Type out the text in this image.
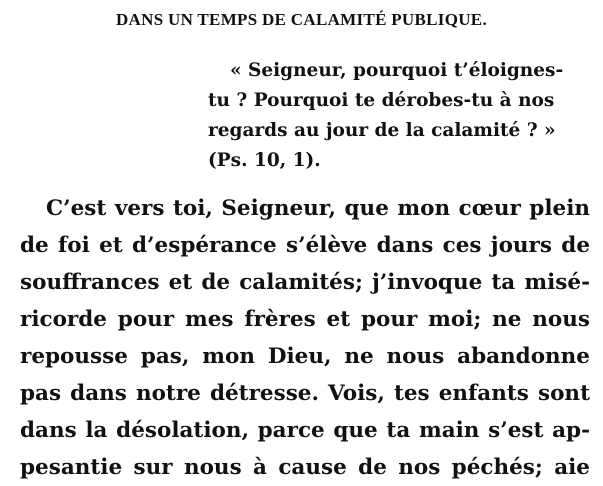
DANS UN TEMPS DE CALAMITÉ PUBLIQUE.
« Seigneur, pourquoi t’éloignes-
tu ? Pourquoi te dérobes-tu à nos
regards au jour de la calamité ? »
(Ps. 10, 1).
C’est vers toi, Seigneur, que mon cœur plein
de foi et d’espérance s’élève dans ces jours de
souffrances et de calamités; j’invoque ta misé-
ricorde pour mes frères et pour moi; ne nous
repousse pas, mon Dieu, ne nous abandonne
pas dans notre détresse. Vois, tes enfants sont
dans la désolation, parce que ta main s’est ap-
pesantie sur nous à cause de nos péchés; aie
